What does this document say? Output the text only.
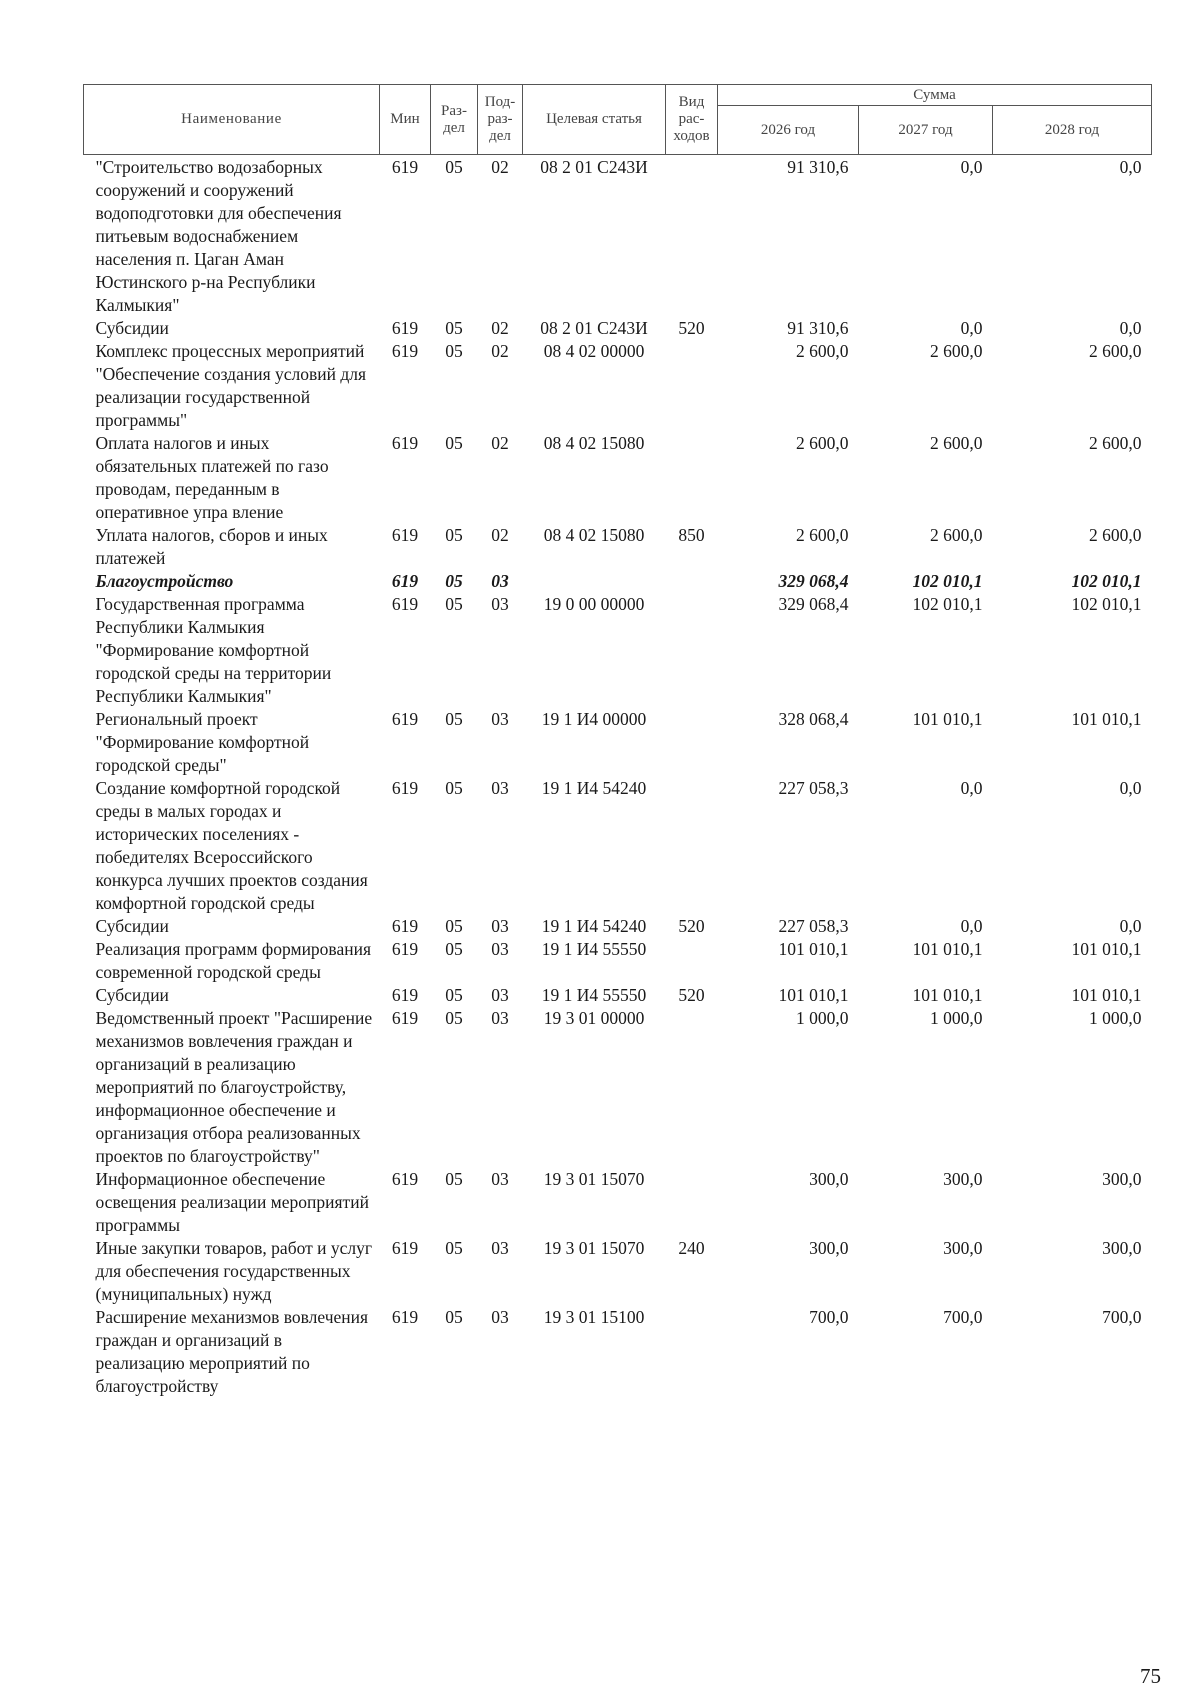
Наименование	Мин	Раз-дел	Под-раз-дел	Целевая статья	Вид рас-ходов	Сумма		
						2026 год	2027 год	2028 год
"Строительство водозаборных сооружений и сооружений водоподготовки для обеспечения питьевым водоснабжением населения п. Цаган Аман Юстинского р-на Республики Калмыкия"	619	05	02	08 2 01 С243И		91 310,6	0,0	0,0
Субсидии	619	05	02	08 2 01 С243И	520	91 310,6	0,0	0,0
Комплекс процессных мероприятий "Обеспечение создания условий для реализации государственной программы"	619	05	02	08 4 02 00000		2 600,0	2 600,0	2 600,0
Оплата налогов и иных обязательных платежей по газо проводам, переданным в оперативное упра вление	619	05	02	08 4 02 15080		2 600,0	2 600,0	2 600,0
Уплата налогов, сборов и иных платежей	619	05	02	08 4 02 15080	850	2 600,0	2 600,0	2 600,0
Благоустройство	619	05	03			329 068,4	102 010,1	102 010,1
Государственная программа Республики Калмыкия "Формирование комфортной городской среды на территории Республики Калмыкия"	619	05	03	19 0 00 00000		329 068,4	102 010,1	102 010,1
Региональный проект "Формирование комфортной городской среды"	619	05	03	19 1 И4 00000		328 068,4	101 010,1	101 010,1
Создание комфортной городской среды в малых городах и исторических поселениях - победителях Всероссийского конкурса лучших проектов создания комфортной городской среды	619	05	03	19 1 И4 54240		227 058,3	0,0	0,0
Субсидии	619	05	03	19 1 И4 54240	520	227 058,3	0,0	0,0
Реализация программ формирования современной городской среды	619	05	03	19 1 И4 55550		101 010,1	101 010,1	101 010,1
Субсидии	619	05	03	19 1 И4 55550	520	101 010,1	101 010,1	101 010,1
Ведомственный проект "Расширение механизмов вовлечения граждан и организаций в реализацию мероприятий по благоустройству, информационное обеспечение и организация отбора реализованных проектов по благоустройству"	619	05	03	19 3 01 00000		1 000,0	1 000,0	1 000,0
Информационное обеспечение освещения реализации мероприятий программы	619	05	03	19 3 01 15070		300,0	300,0	300,0
Иные закупки товаров, работ и услуг для обеспечения государственных (муниципальных) нужд	619	05	03	19 3 01 15070	240	300,0	300,0	300,0
Расширение механизмов вовлечения граждан и организаций в реализацию мероприятий по благоустройству	619	05	03	19 3 01 15100		700,0	700,0	700,0
75
